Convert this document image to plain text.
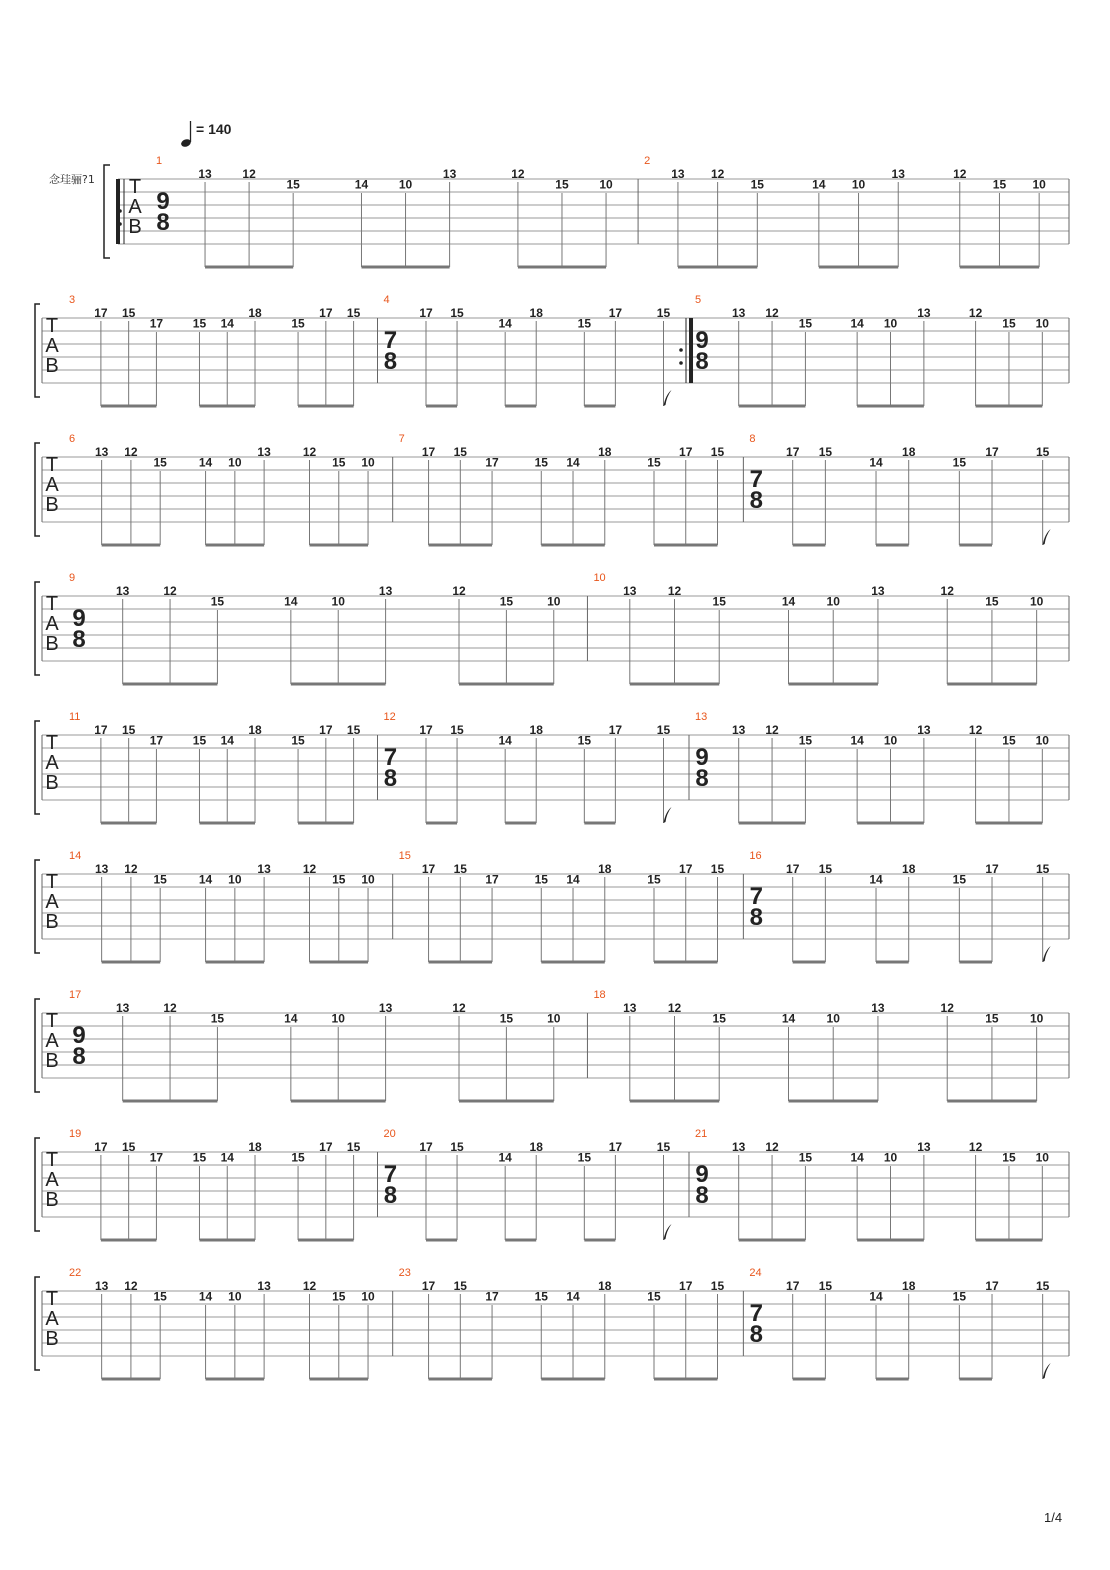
= 140
念珪骊?1 T
A
B
1
9
8
13	12
15	14	10
13	12
15	10
2
13 12
15	14 10
13	12
15 10
T
A
B
3
17 15
17 15 14
18
15
17 15
4
7
8
17 15
14
18
15
17	15
5
9
8
13 12
15	14 10
13	12
15 10
T
A
B
6
13 12
15	14 10
13	12
15 10
7
17 15
17	15 14
18
15
17 15
8
7
8
17 15
14
18
15
17	15
T
A
B
9
9
8
13	12
15	14	10
13	12
15	10
10
13	12
15	14	10
13	12
15	10
T
A
B
11
17 15
17 15 14
18
15
17 15
12
7
8
17 15
14
18
15
17	15
13
9
8
13 12
15	14 10
13	12
15 10
T
A
B
14
13 12
15	14 10
13	12
15 10
15
17 15
17	15 14
18
15
17 15
16
7
8
17 15
14
18
15
17	15
T
A
B
17
9
8
13	12
15	14	10
13	12
15	10
18
13	12
15	14	10
13	12
15	10
T
A
B
19
17 15
17 15 14
18
15
17 15
20
7
8
17 15
14
18
15
17	15
21
9
8
13 12
15	14 10
13	12
15 10
T
A
B
22
13 12
15	14 10
13	12
15 10
23
17 15
17	15 14
18
15
17 15
24
7
8
17 15
14
18
15
17	15
1/4
